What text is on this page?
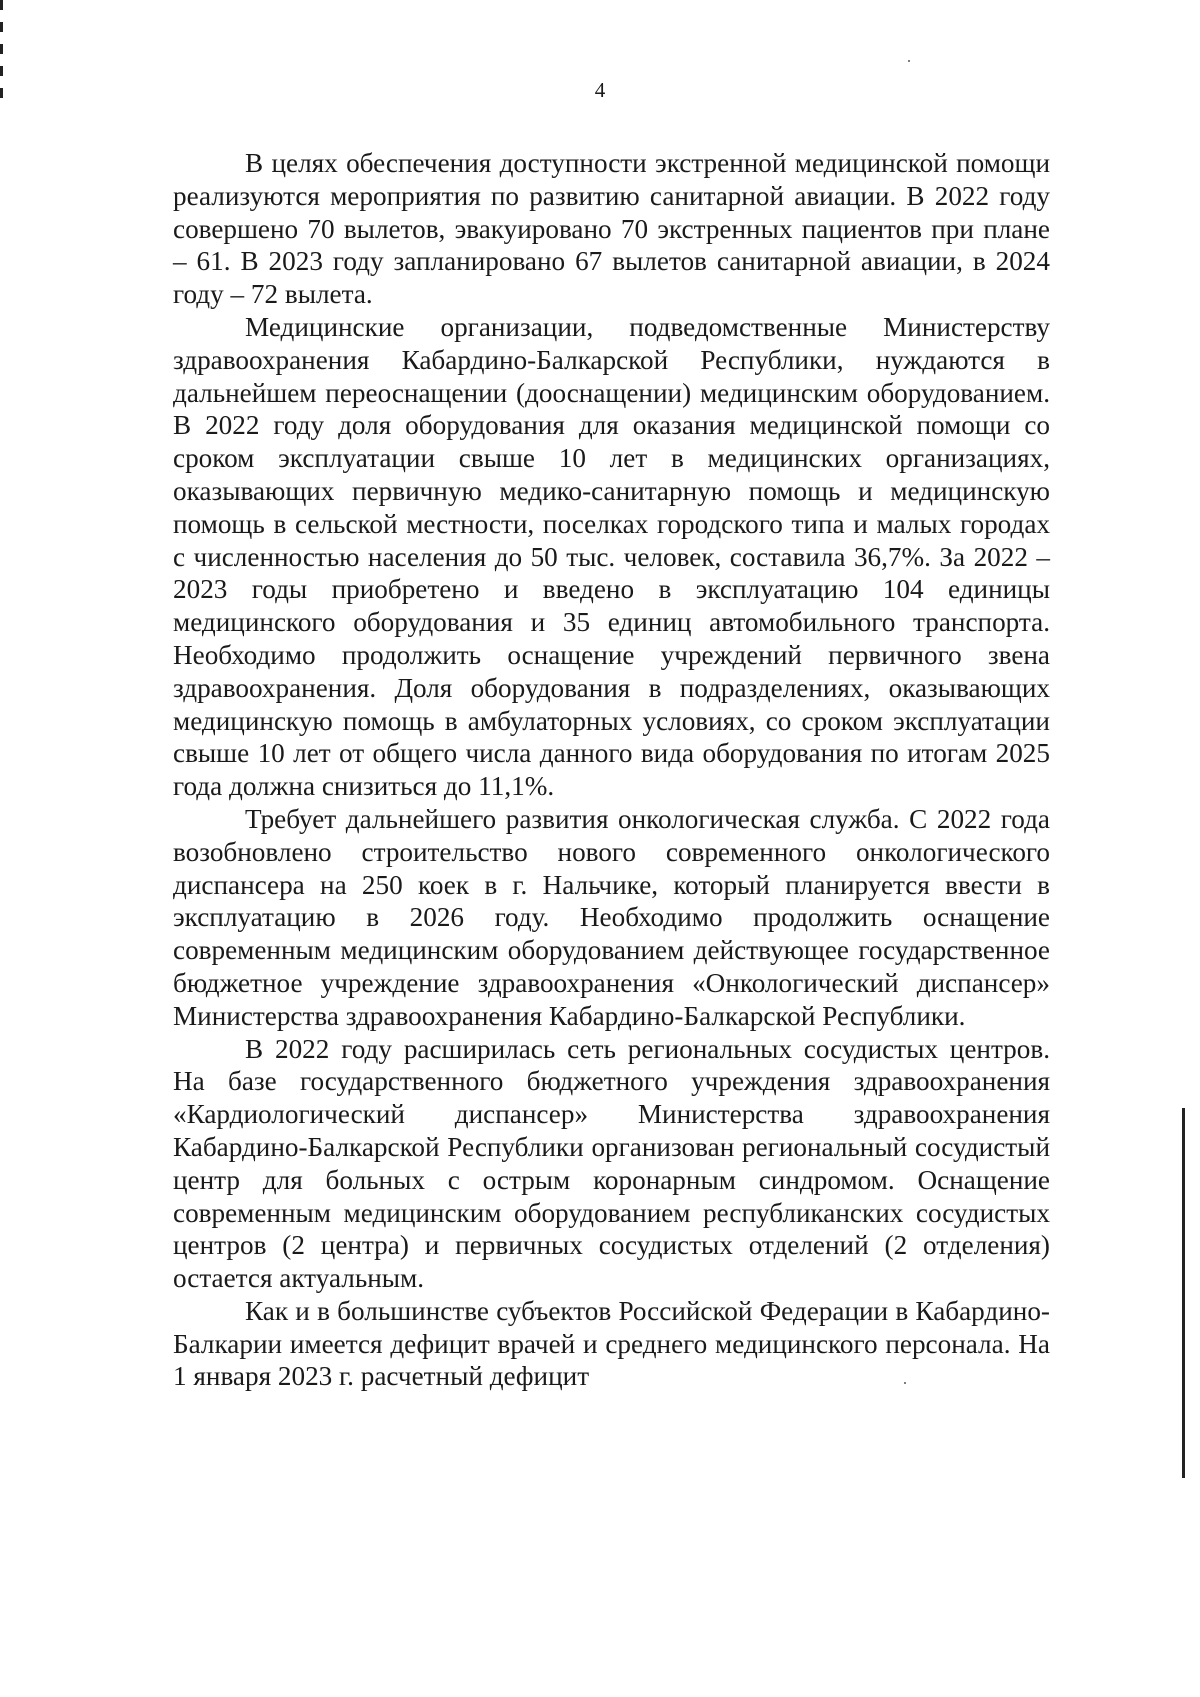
4

В целях обеспечения доступности экстренной медицинской помощи реализуются мероприятия по развитию санитарной авиации. В 2022 году совершено 70 вылетов, эвакуировано 70 экстренных пациентов при плане – 61. В 2023 году запланировано 67 вылетов санитарной авиации, в 2024 году – 72 вылета.

Медицинские организации, подведомственные Министерству здравоохранения Кабардино-Балкарской Республики, нуждаются в дальнейшем переоснащении (дооснащении) медицинским оборудованием. В 2022 году доля оборудования для оказания медицинской помощи со сроком эксплуатации свыше 10 лет в медицинских организациях, оказывающих первичную медико-санитарную помощь и медицинскую помощь в сельской местности, поселках городского типа и малых городах с численностью населения до 50 тыс. человек, составила 36,7%. За 2022 – 2023 годы приобретено и введено в эксплуатацию 104 единицы медицинского оборудования и 35 единиц автомобильного транспорта. Необходимо продолжить оснащение учреждений первичного звена здравоохранения. Доля оборудования в подразделениях, оказывающих медицинскую помощь в амбулаторных условиях, со сроком эксплуатации свыше 10 лет от общего числа данного вида оборудования по итогам 2025 года должна снизиться до 11,1%.

Требует дальнейшего развития онкологическая служба. С 2022 года возобновлено строительство нового современного онкологического диспансера на 250 коек в г. Нальчике, который планируется ввести в эксплуатацию в 2026 году. Необходимо продолжить оснащение современным медицинским оборудованием действующее государственное бюджетное учреждение здравоохранения «Онкологический диспансер» Министерства здравоохранения Кабардино-Балкарской Республики.

В 2022 году расширилась сеть региональных сосудистых центров. На базе государственного бюджетного учреждения здравоохранения «Кардиологический диспансер» Министерства здравоохранения Кабардино-Балкарской Республики организован региональный сосудистый центр для больных с острым коронарным синдромом. Оснащение современным медицинским оборудованием республиканских сосудистых центров (2 центра) и первичных сосудистых отделений (2 отделения) остается актуальным.

Как и в большинстве субъектов Российской Федерации в Кабардино-Балкарии имеется дефицит врачей и среднего медицинского персонала. На 1 января 2023 г. расчетный дефицит
